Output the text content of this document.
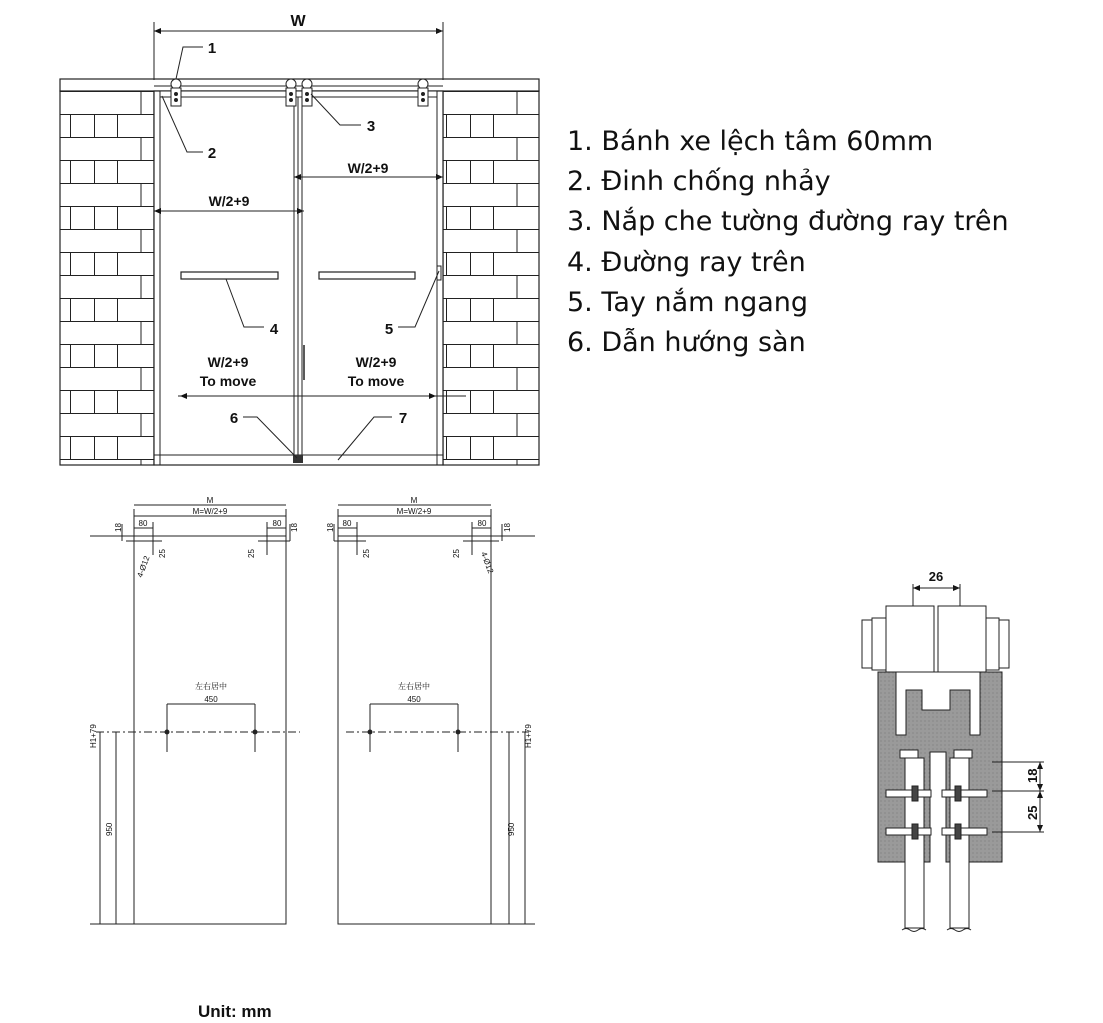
W
W/2+9
W/2+9
W/2+9
To move
W/2+9
To move
1
2
3
4	5
6	7
M
M=W/2+9
80	80
18	18
25	25
4-Ø12
左右居中
450
H1+79
950
M
M=W/2+9
80	80
18	18
25	25 4-Ø12
左右居中
450
H1+79
950
26
18
25
1. Bánh xe lệch tâm 60mm
2. Đinh chống nhảy
3. Nắp che tường đường ray trên
4. Đường ray trên
5. Tay nắm ngang
6. Dẫn hướng sàn
Unit: mm
